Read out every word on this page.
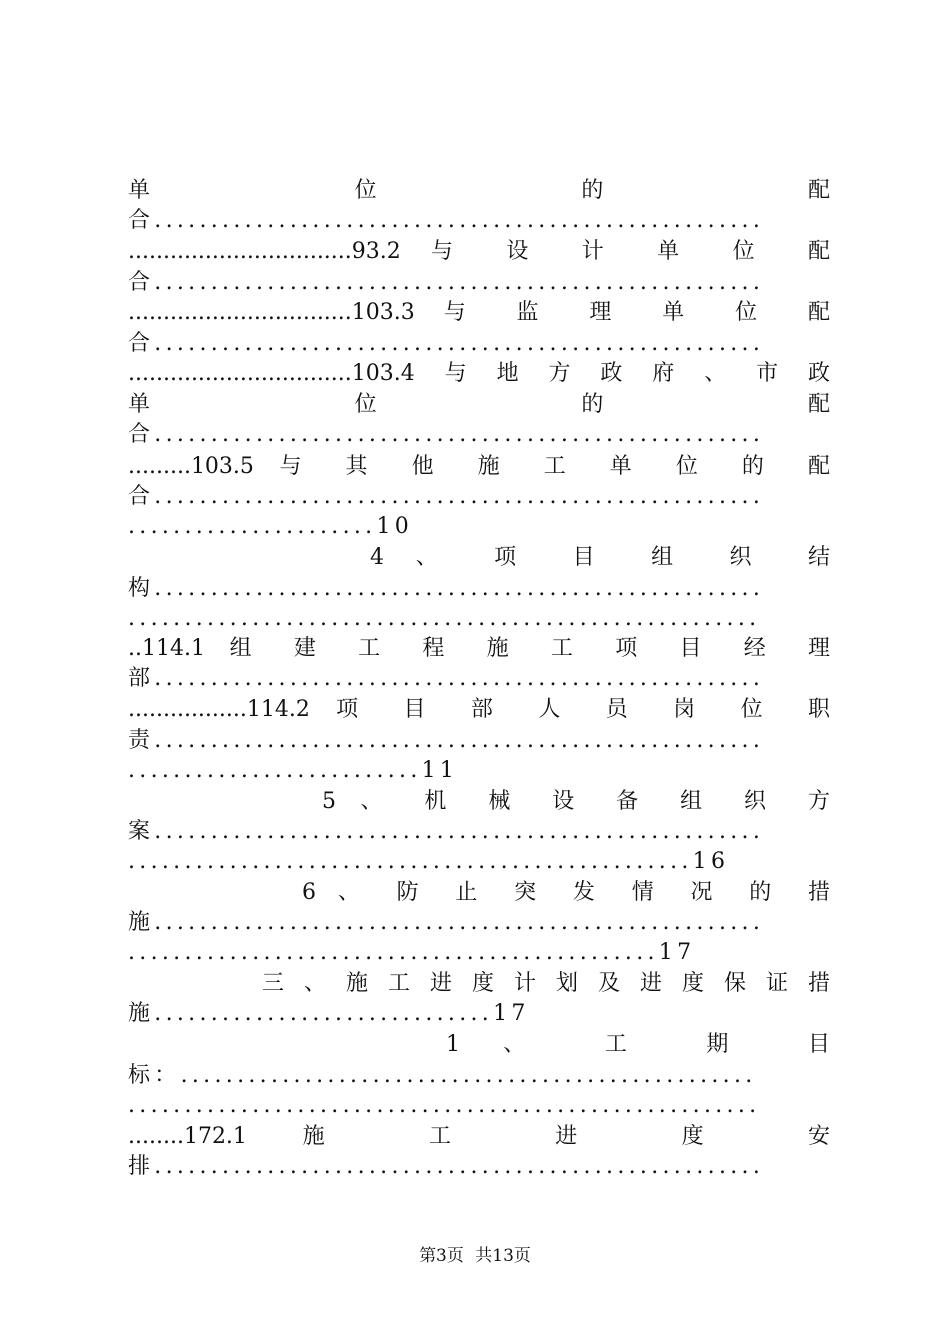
单 位 的 配
合......................................................
................................93.2 与 设 计 单 位 配
合......................................................
................................103.3 与 监 理 单 位 配
合......................................................
................................103.4与地方政府、市政
单 位 的 配
合......................................................
.........103.5 与 其 他 施 工 单 位 的 配
合......................................................
......................10
4 、 项 目 组 织 结
构......................................................
........................................................
..114.1 组 建 工 程 施 工 项 目 经 理
部......................................................
.................114.2 项 目 部 人 员 岗 位 职
责......................................................
..........................11
5 、 机 械 设 备 组 织 方
案......................................................
..................................................16
6 、 防 止 突 发 情 况 的 措
施......................................................
...............................................17
三 、 施 工 进 度 计 划 及 进 度 保 证 措
施..............................17
1 、 工 期 目
标：...................................................
........................................................
........172.1 施 工 进 度 安
排......................................................
第3页 共13页
